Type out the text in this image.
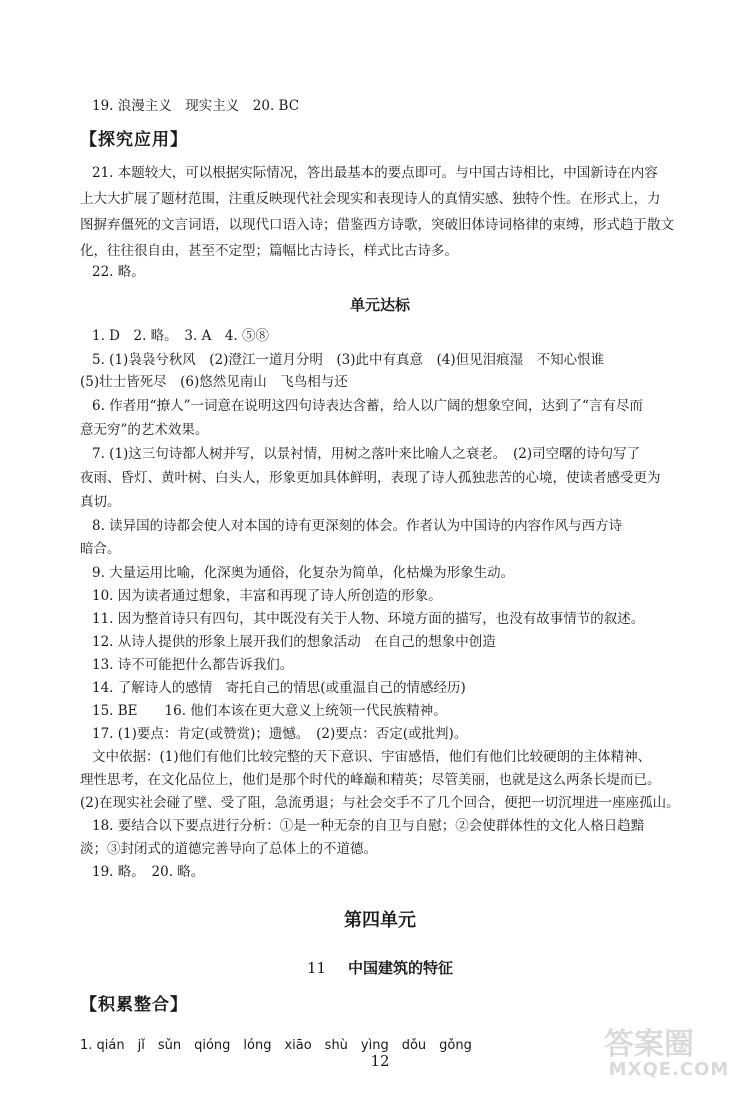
19. 浪漫主义　现实主义　20. BC
【探究应用】
21. 本题较大，可以根据实际情况，答出最基本的要点即可。与中国古诗相比，中国新诗在内容
上大大扩展了题材范围，注重反映现代社会现实和表现诗人的真情实感、独特个性。在形式上，力
图摒弃僵死的文言词语，以现代口语入诗；借鉴西方诗歌，突破旧体诗词格律的束缚，形式趋于散文
化，往往很自由，甚至不定型；篇幅比古诗长，样式比古诗多。
22. 略。
单元达标
1. D　2. 略。　3. A　4. ⑤⑧
5. (1)袅袅兮秋风　(2)澄江一道月分明　(3)此中有真意　(4)但见泪痕湿　不知心恨谁
(5)壮士皆死尽　(6)悠然见南山　飞鸟相与还
6. 作者用“撩人”一词意在说明这四句诗表达含蓄，给人以广阔的想象空间，达到了“言有尽而
意无穷”的艺术效果。
7. (1)这三句诗都人树并写，以景衬情，用树之落叶来比喻人之衰老。　(2)司空曙的诗句写了
夜雨、昏灯、黄叶树、白头人，形象更加具体鲜明，表现了诗人孤独悲苦的心境，使读者感受更为
真切。
8. 读异国的诗都会使人对本国的诗有更深刻的体会。作者认为中国诗的内容作风与西方诗
暗合。
9. 大量运用比喻，化深奥为通俗，化复杂为简单，化枯燥为形象生动。
10. 因为读者通过想象，丰富和再现了诗人所创造的形象。
11. 因为整首诗只有四句，其中既没有关于人物、环境方面的描写，也没有故事情节的叙述。
12. 从诗人提供的形象上展开我们的想象活动　在自己的想象中创造
13. 诗不可能把什么都告诉我们。
14. 了解诗人的感情　寄托自己的情思(或重温自己的情感经历)
15. BE　　16. 他们本该在更大意义上统领一代民族精神。
17. (1)要点：肯定(或赞赏)；遗憾。　(2)要点：否定(或批判)。
文中依据：(1)他们有他们比较完整的天下意识、宇宙感悟，他们有他们比较硬朗的主体精神、
理性思考，在文化品位上，他们是那个时代的峰巅和精英；尽管美丽，也就是这么两条长堤而已。
(2)在现实社会碰了壁、受了阻，急流勇退；与社会交手不了几个回合，便把一切沉埋进一座座孤山。
18. 要结合以下要点进行分析：①是一种无奈的自卫与自慰；②会使群体性的文化人格日趋黯
淡；③封闭式的道德完善导向了总体上的不道德。
19. 略。　20. 略。
第四单元
11 中国建筑的特征
【积累整合】
1. qián　jǐ　sǔn　qióng　lóng　xiāo　shù　yìng　dǒu　gǒng
12	答案圈
MXQE.COM
